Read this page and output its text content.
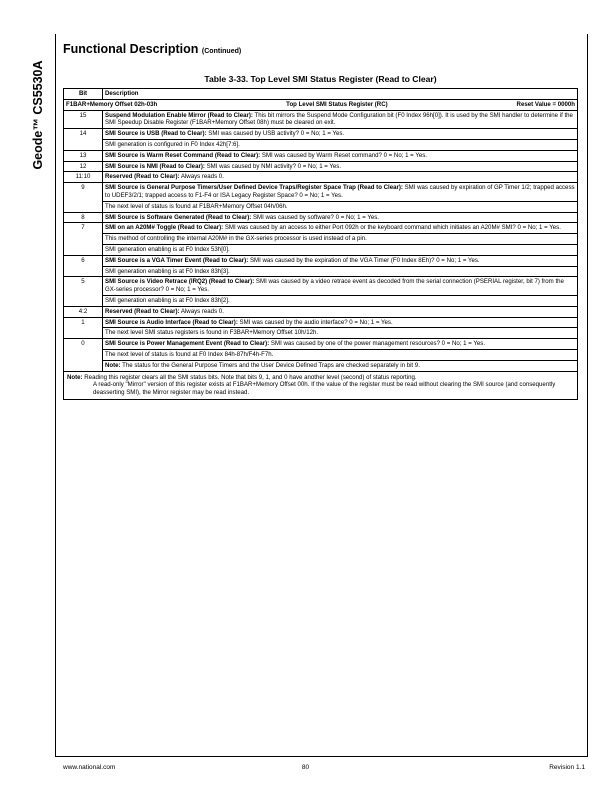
Geode™ CS5530A
Functional Description (Continued)
Table 3-33. Top Level SMI Status Register (Read to Clear)
Bit	Description

F1BAR+Memory Offset 02h-03h Top Level SMI Status Register (RC) Reset Value = 0000h	

15	Suspend Modulation Enable Mirror (Read to Clear): This bit mirrors the Suspend Mode Configuration bit (F0 Index 96h[0]). It is used by the SMI handler to determine if the SMI Speedup Disable Register (F1BAR+Memory Offset 08h) must be cleared on exit.

14	SMI Source is USB (Read to Clear): SMI was caused by USB activity? 0 = No; 1 = Yes.
SMI generation is configured in F0 Index 42h[7:6].

13	SMI Source is Warm Reset Command (Read to Clear): SMI was caused by Warm Reset command? 0 = No; 1 = Yes.

12	SMI Source is NMI (Read to Clear): SMI was caused by NMI activity? 0 = No; 1 = Yes.

11:10	Reserved (Read to Clear): Always reads 0.

9	SMI Source is General Purpose Timers/User Defined Device Traps/Register Space Trap (Read to Clear): SMI was caused by expiration of GP Timer 1/2; trapped access to UDEF3/2/1; trapped access to F1-F4 or ISA Legacy Register Space? 0 = No; 1 = Yes.
The next level of status is found at F1BAR+Memory Offset 04h/06h.

8	SMI Source is Software Generated (Read to Clear): SMI was caused by software? 0 = No; 1 = Yes.

7	SMI on an A20M# Toggle (Read to Clear): SMI was caused by an access to either Port 092h or the keyboard command which initiates an A20M# SMI? 0 = No; 1 = Yes.
This method of controlling the internal A20M# in the GX-series processor is used instead of a pin.
SMI generation enabling is at F0 Index 53h[0].

6	SMI Source is a VGA Timer Event (Read to Clear): SMI was caused by the expiration of the VGA Timer (F0 Index 8Eh)? 0 = No; 1 = Yes.
SMI generation enabling is at F0 Index 83h[3].

5	SMI Source is Video Retrace (IRQ2) (Read to Clear): SMI was caused by a video retrace event as decoded from the serial connection (PSERIAL register, bit 7) from the GX-series processor? 0 = No; 1 = Yes.
SMI generation enabling is at F0 Index 83h[2].

4:2	Reserved (Read to Clear): Always reads 0.

1	SMI Source is Audio Interface (Read to Clear): SMI was caused by the audio interface? 0 = No; 1 = Yes.
The next level SMI status registers is found in F3BAR+Memory Offset 10h/12h.

0	SMI Source is Power Management Event (Read to Clear): SMI was caused by one of the power management resources? 0 = No; 1 = Yes.
The next level of status is found at F0 Index 84h-87h/F4h-F7h.
Note: The status for the General Purpose Timers and the User Device Defined Traps are checked separately in bit 9.

Note: Reading this register clears all the SMI status bits. Note that bits 9, 1, and 0 have another level (second) of status reporting.
A read-only "Mirror" version of this register exists at F1BAR+Memory Offset 00h. If the value of the register must be read without clearing the SMI source (and consequently deasserting SMI), the Mirror register may be read instead.	
www.national.com	80	Revision 1.1
